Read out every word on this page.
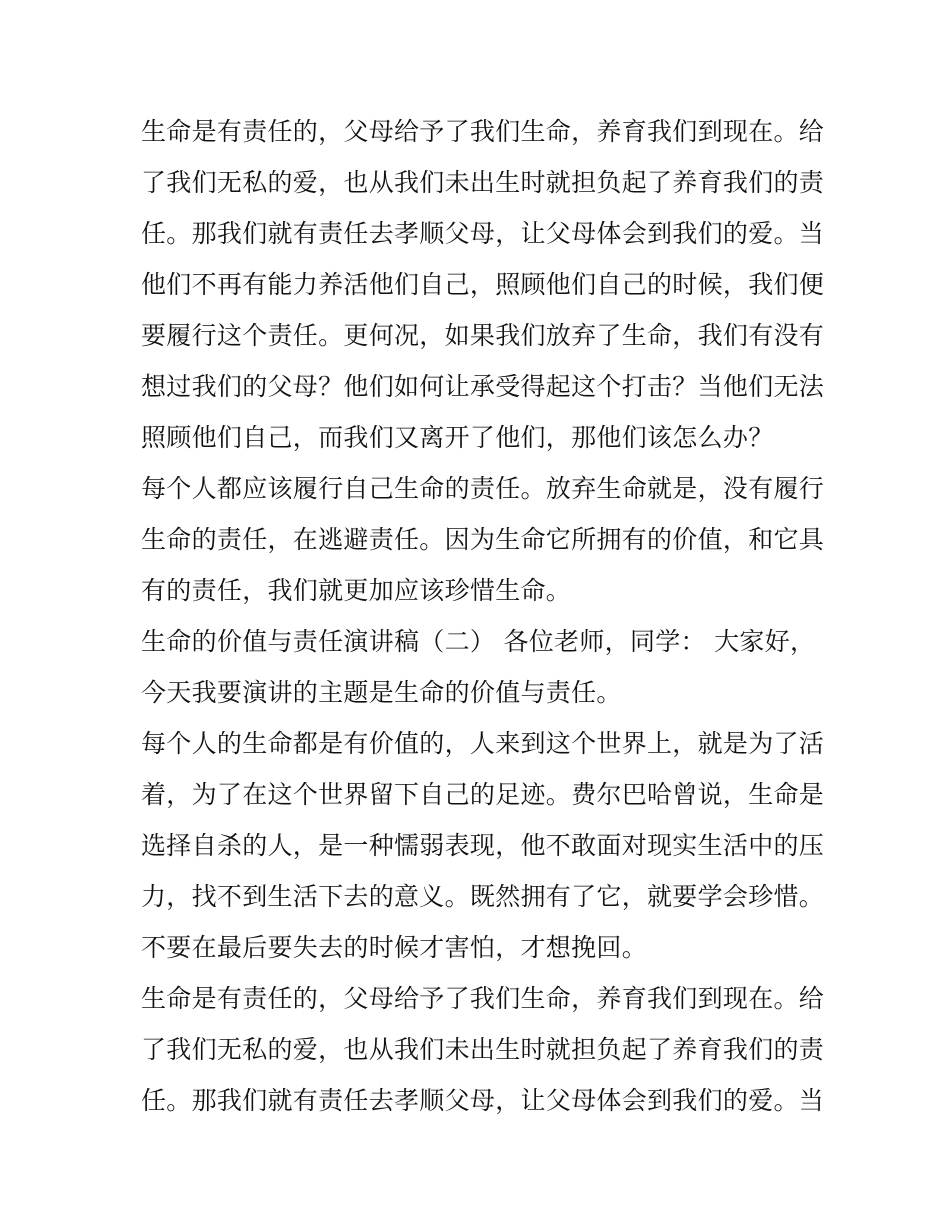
生命是有责任的，父母给予了我们生命，养育我们到现在。给
了我们无私的爱，也从我们未出生时就担负起了养育我们的责
任。那我们就有责任去孝顺父母，让父母体会到我们的爱。当
他们不再有能力养活他们自己，照顾他们自己的时候，我们便
要履行这个责任。更何况，如果我们放弃了生命，我们有没有
想过我们的父母？他们如何让承受得起这个打击？当他们无法
照顾他们自己，而我们又离开了他们，那他们该怎么办？
每个人都应该履行自己生命的责任。放弃生命就是，没有履行
生命的责任，在逃避责任。因为生命它所拥有的价值，和它具
有的责任，我们就更加应该珍惜生命。
生命的价值与责任演讲稿（二） 各位老师，同学： 大家好，
今天我要演讲的主题是生命的价值与责任。
每个人的生命都是有价值的，人来到这个世界上，就是为了活
着，为了在这个世界留下自己的足迹。费尔巴哈曾说，生命是
选择自杀的人，是一种懦弱表现，他不敢面对现实生活中的压
力，找不到生活下去的意义。既然拥有了它，就要学会珍惜。
不要在最后要失去的时候才害怕，才想挽回。
生命是有责任的，父母给予了我们生命，养育我们到现在。给
了我们无私的爱，也从我们未出生时就担负起了养育我们的责
任。那我们就有责任去孝顺父母，让父母体会到我们的爱。当
